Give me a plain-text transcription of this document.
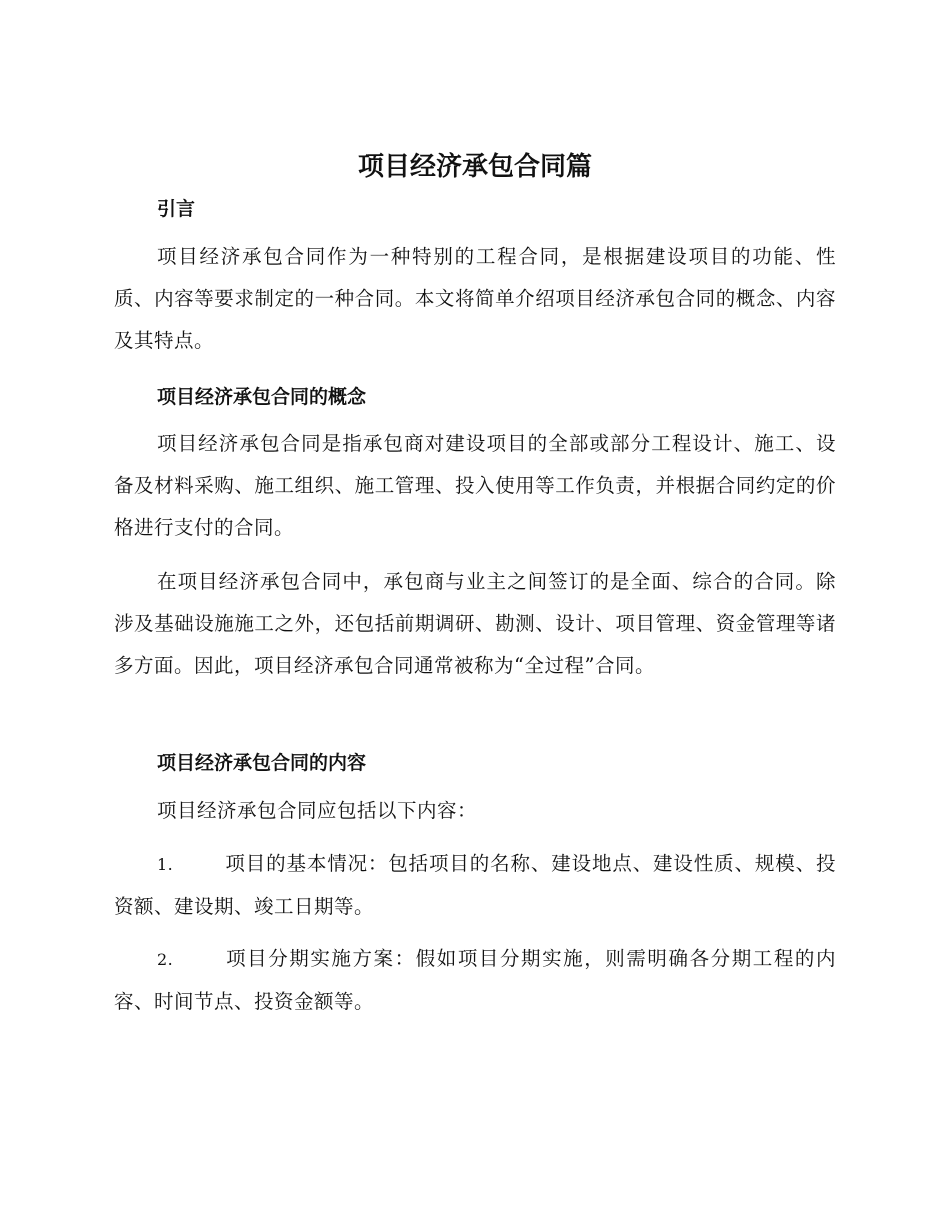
项目经济承包合同篇
引言

项目经济承包合同作为一种特别的工程合同，是根据建设项目的功能、性质、内容等要求制定的一种合同。本文将简单介绍项目经济承包合同的概念、内容及其特点。

项目经济承包合同的概念

项目经济承包合同是指承包商对建设项目的全部或部分工程设计、施工、设备及材料采购、施工组织、施工管理、投入使用等工作负责，并根据合同约定的价格进行支付的合同。

在项目经济承包合同中，承包商与业主之间签订的是全面、综合的合同。除涉及基础设施施工之外，还包括前期调研、勘测、设计、项目管理、资金管理等诸多方面。因此，项目经济承包合同通常被称为“全过程”合同。

项目经济承包合同的内容

项目经济承包合同应包括以下内容：

1.	项目的基本情况：包括项目的名称、建设地点、建设性质、规模、投资额、建设期、竣工日期等。

2.	项目分期实施方案：假如项目分期实施，则需明确各分期工程的内容、时间节点、投资金额等。
